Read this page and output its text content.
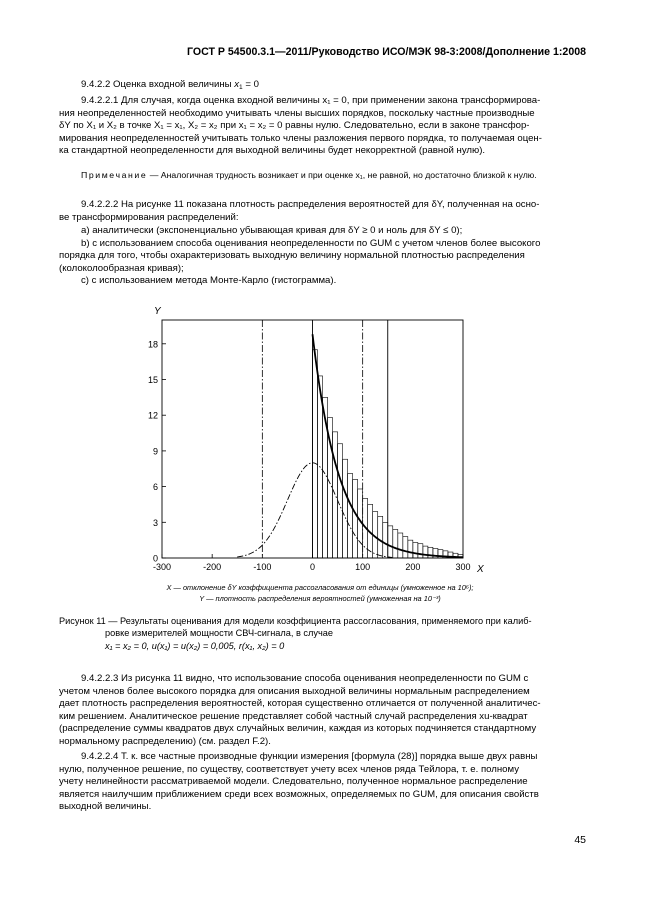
ГОСТ Р 54500.3.1—2011/Руководство ИСО/МЭК 98-3:2008/Дополнение 1:2008

9.4.2.2 Оценка входной величины $x_1 = 0$

9.4.2.2.1 Для случая, когда оценка входной величины x₁ = 0, при применении закона трансформирова-

ния неопределенностей необходимо учитывать члены высших порядков, поскольку частные производные

δY по X₁ и X₂ в точке X₁ = x₁, X₂ = x₂ при x₁ = x₂ = 0 равны нулю. Следовательно, если в законе трансфор-

мирования неопределенностей учитывать только члены разложения первого порядка, то получаемая оцен-

ка стандартной неопределенности для выходной величины будет некорректной (равной нулю).

Примечание — Аналогичная трудность возникает и при оценке x₁, не равной, но достаточно близкой к нулю.

9.4.2.2.2 На рисунке 11 показана плотность распределения вероятностей для δY, полученная на осно-

ве трансформирования распределений:

a) аналитически (экспоненциально убывающая кривая для δY ≥ 0 и ноль для δY ≤ 0);

b) с использованием способа оценивания неопределенности по GUM с учетом членов более высокого

порядка для того, чтобы охарактеризовать выходную величину нормальной плотностью распределения

(колоколообразная кривая);

c) с использованием метода Монте-Карло (гистограмма).

0
3
6
9
12
15
18
-300	-200	-100	0	100	200	300
Y
X
X — отклонение δY коэффициента рассогласования от единицы (умноженное на 10⁶);
Y — плотность распределения вероятностей (умноженная на 10⁻³)

Рисунок 11 — Результаты оценивания для модели коэффициента рассогласования, применяемого при калиб-

ровке измерителей мощности СВЧ-сигнала, в случае

x₁ = x₂ = 0, u(x₁) = u(x₂) = 0,005, r(x₁, x₂) = 0

9.4.2.2.3 Из рисунка 11 видно, что использование способа оценивания неопределенности по GUM с

учетом членов более высокого порядка для описания выходной величины нормальным распределением

дает плотность распределения вероятностей, которая существенно отличается от полученной аналитичес-

ким решением. Аналитическое решение представляет собой частный случай распределения xu-квадрат

(распределение суммы квадратов двух случайных величин, каждая из которых подчиняется стандартному

нормальному распределению) (см. раздел F.2).

9.4.2.2.4 Т. к. все частные производные функции измерения [формула (28)] порядка выше двух равны

нулю, полученное решение, по существу, соответствует учету всех членов ряда Тейлора, т. е. полному

учету нелинейности рассматриваемой модели. Следовательно, полученное нормальное распределение

является наилучшим приближением среди всех возможных, определяемых по GUM, для описания свойств

выходной величины.

45
